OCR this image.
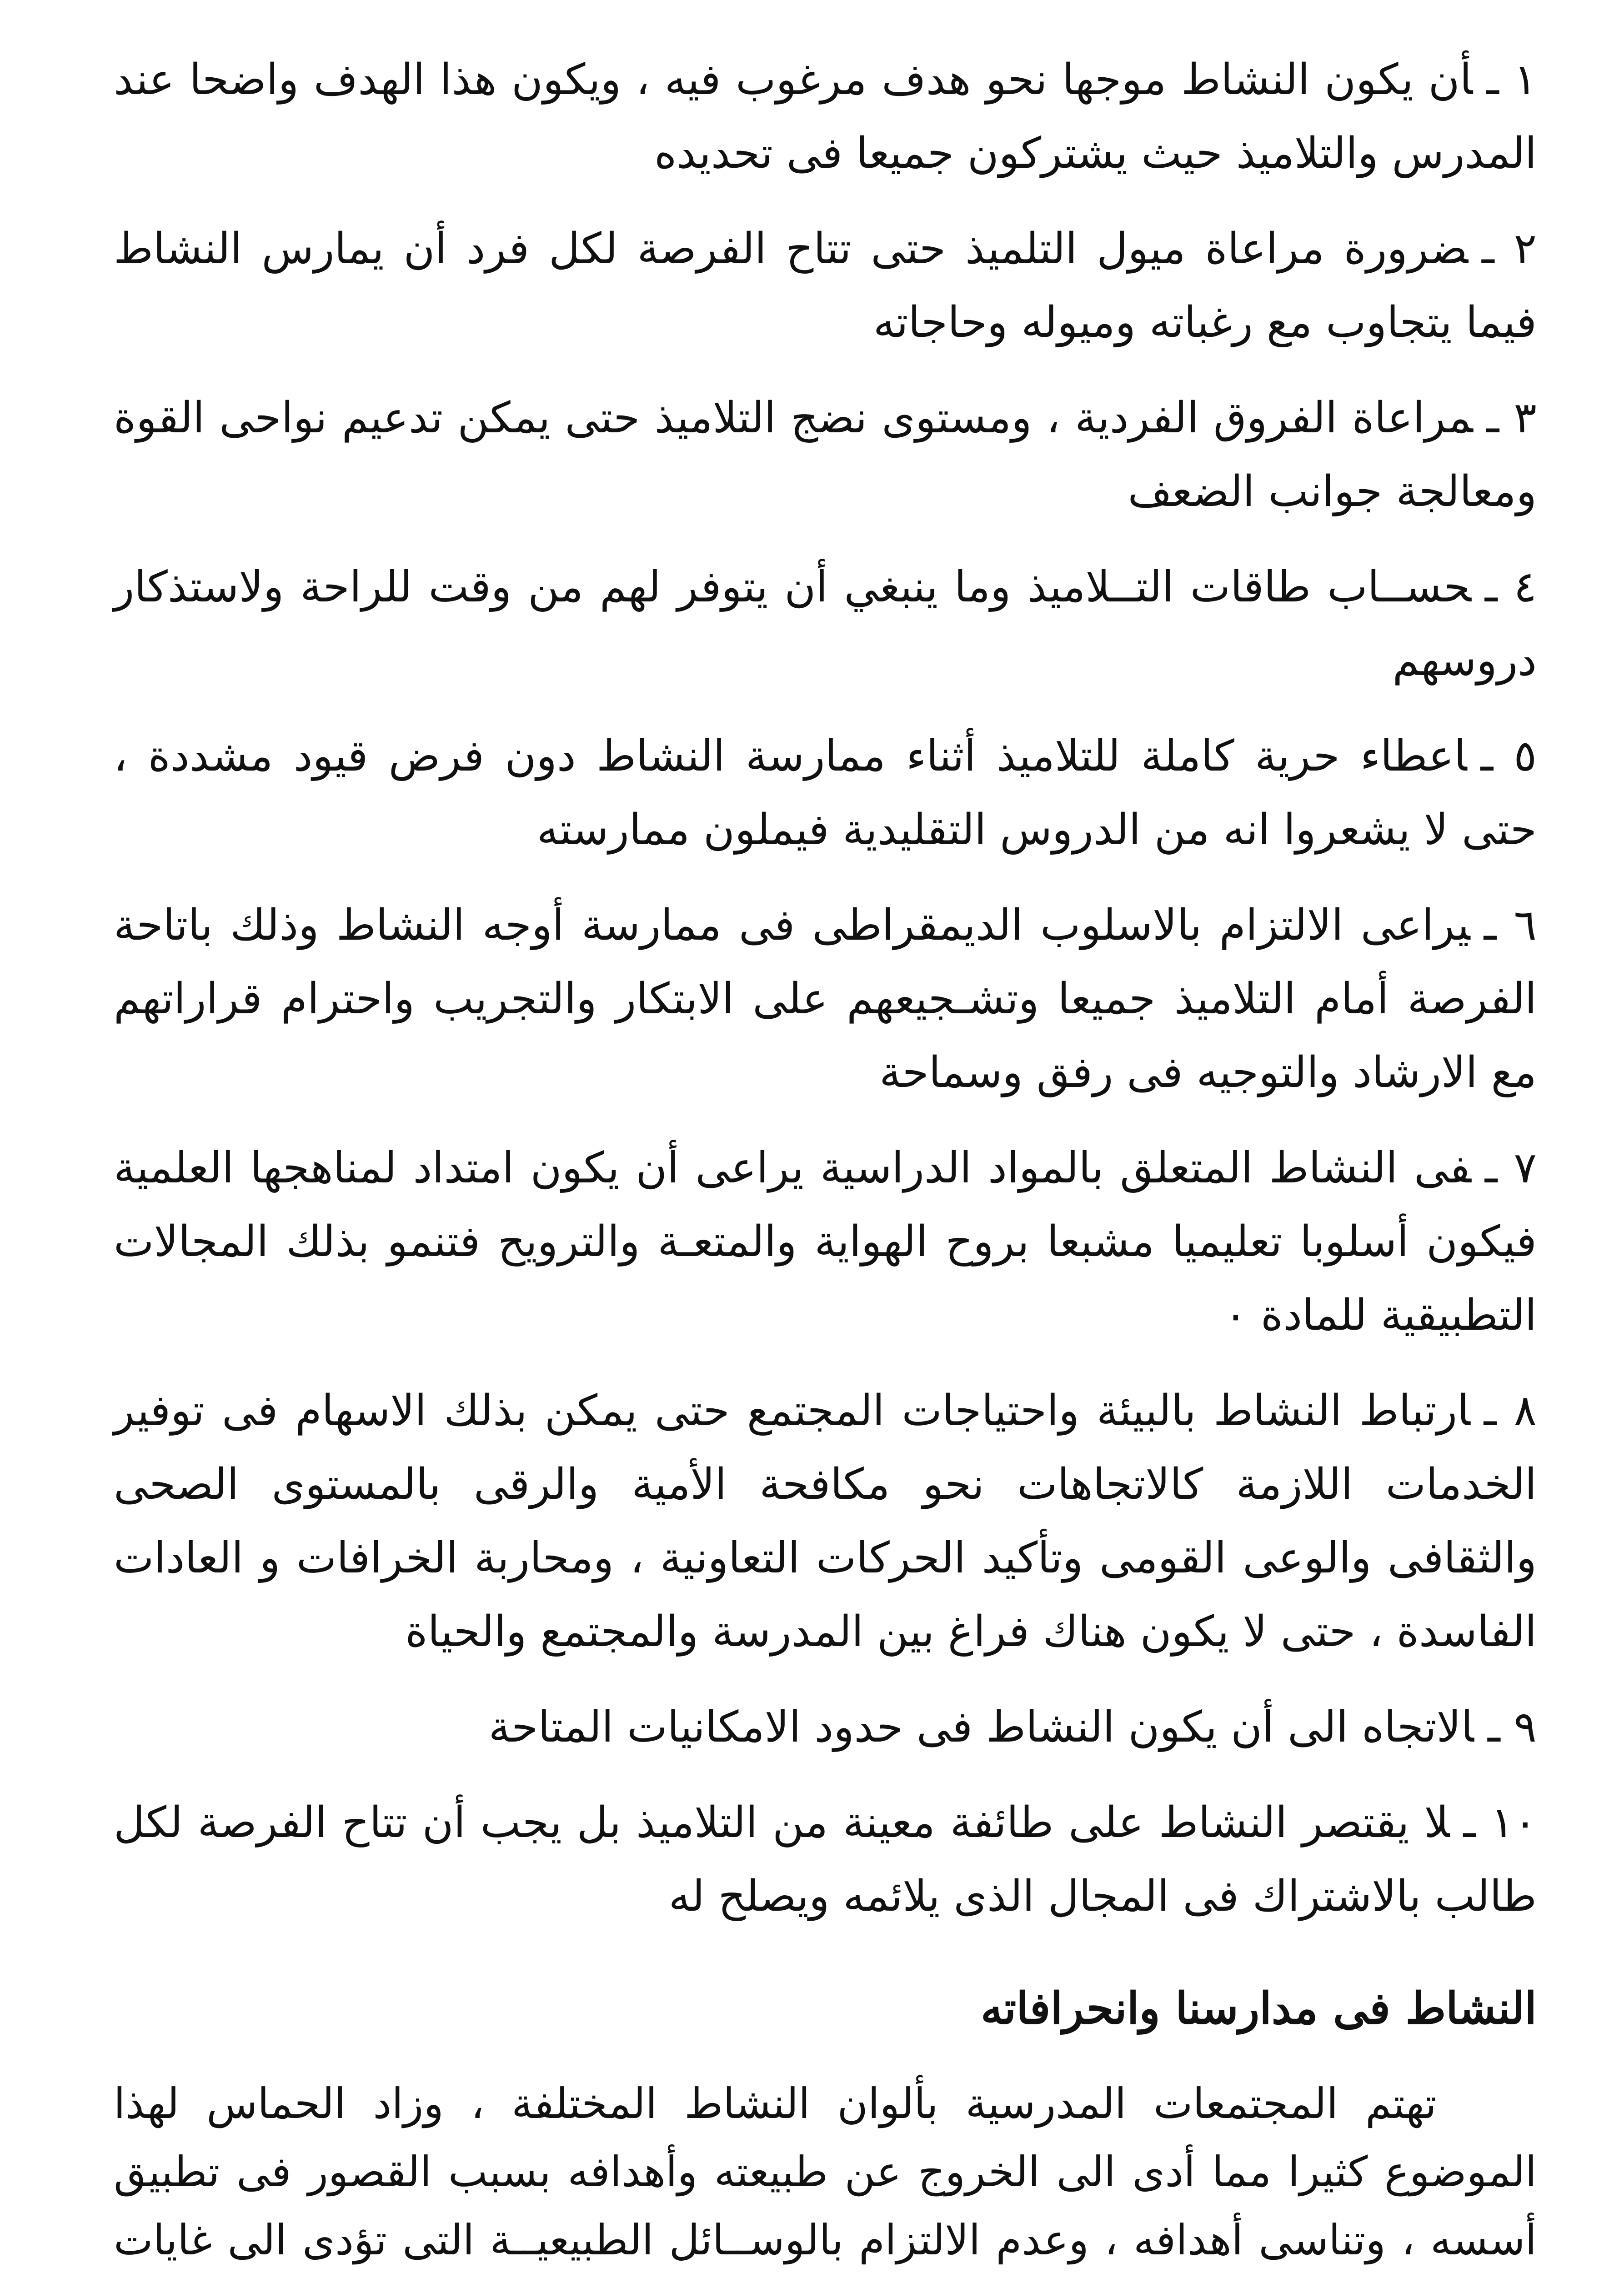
١ ـأن يكون النشاط موجها نحو هدف مرغوب فيه ، ويكون هذا الهدف واضحا عند المدرس والتلاميذ حيث يشتركون جميعا فى تحديده

٢ ـضرورة مراعاة ميول التلميذ حتى تتاح الفرصة لكل فرد أن يمارس النشاط فيما يتجاوب مع رغباته وميوله وحاجاته

٣ ـمراعاة الفروق الفردية ، ومستوى نضج التلاميذ حتى يمكن تدعيم نواحى القوة ومعالجة جوانب الضعف

٤ ـحســاب طاقات التــلاميذ وما ينبغي أن يتوفر لهم من وقت للراحة ولاستذكار دروسهم

٥ ـاعطاء حرية كاملة للتلاميذ أثناء ممارسة النشاط دون فرض قيود مشددة ، حتى لا يشعروا انه من الدروس التقليدية فيملون ممارسته

٦ ـيراعى الالتزام بالاسلوب الديمقراطى فى ممارسة أوجه النشاط وذلك باتاحة الفرصة أمام التلاميذ جميعا وتشـجيعهم على الابتكار والتجريب واحترام قراراتهم مع الارشاد والتوجيه فى رفق وسماحة

٧ ـفى النشاط المتعلق بالمواد الدراسية يراعى أن يكون امتداد لمناهجها العلمية فيكون أسلوبا تعليميا مشبعا بروح الهواية والمتعـة والترويح فتنمو بذلك المجالات التطبيقية للمادة ٠

٨ ـارتباط النشاط بالبيئة واحتياجات المجتمع حتى يمكن بذلك الاسهام فى توفير الخدمات اللازمة كالاتجاهات نحو مكافحة الأمية والرقى بالمستوى الصحى والثقافى والوعى القومى وتأكيد الحركات التعاونية ، ومحاربة الخرافات و العادات الفاسدة ، حتى لا يكون هناك فراغ بين المدرسة والمجتمع والحياة

٩ ـالاتجاه الى أن يكون النشاط فى حدود الامكانيات المتاحة

١٠ ـلا يقتصر النشاط على طائفة معينة من التلاميذ بل يجب أن تتاح الفرصة لكل طالب بالاشتراك فى المجال الذى يلائمه ويصلح له

النشاط فى مدارسنا وانحرافاته

تهتم المجتمعات المدرسية بألوان النشاط المختلفة ، وزاد الحماس لهذا الموضوع كثيرا مما أدى الى الخروج عن طبيعته وأهدافه بسبب القصور فى تطبيق أسسه ، وتناسى أهدافه ، وعدم الالتزام بالوســائل الطبيعيــة التى تؤدى الى غايات
